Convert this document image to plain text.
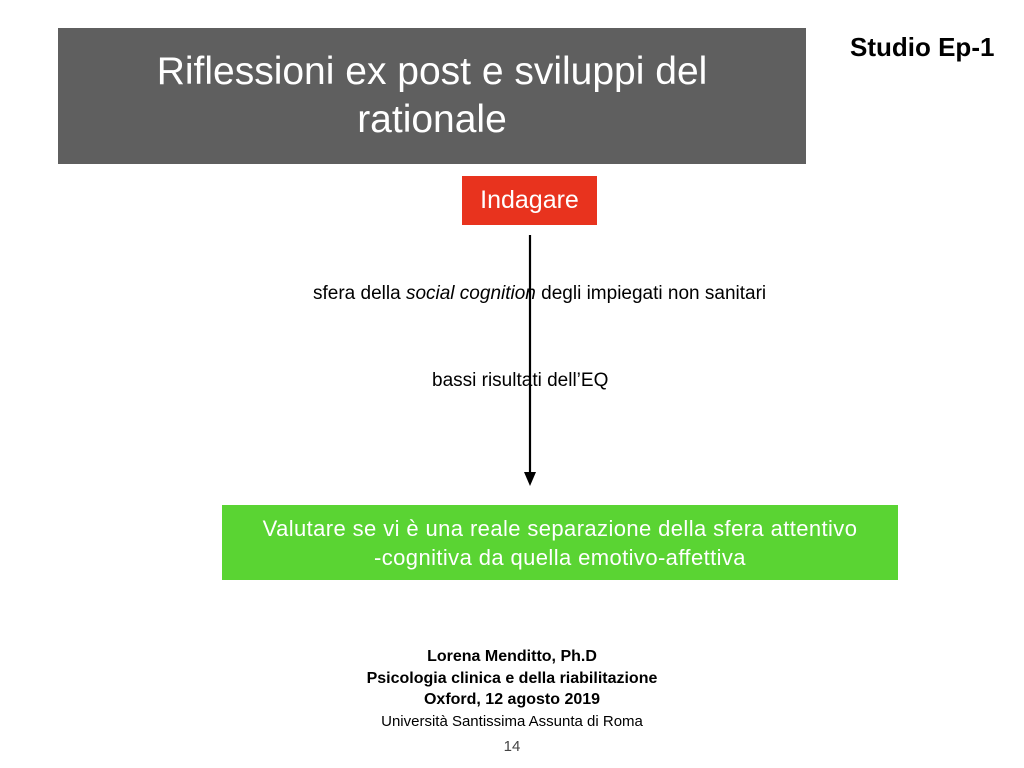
Riflessioni ex post e sviluppi del
rationale
Studio Ep-1
Indagare
sfera della social cognition degli impiegati non sanitari
bassi risultati dell’EQ
Valutare se vi è una reale separazione della sfera attentivo
-cognitiva da quella emotivo-affettiva
Lorena Menditto, Ph.D
Psicologia clinica e della riabilitazione
Oxford, 12 agosto 2019
Università Santissima Assunta di Roma
14
